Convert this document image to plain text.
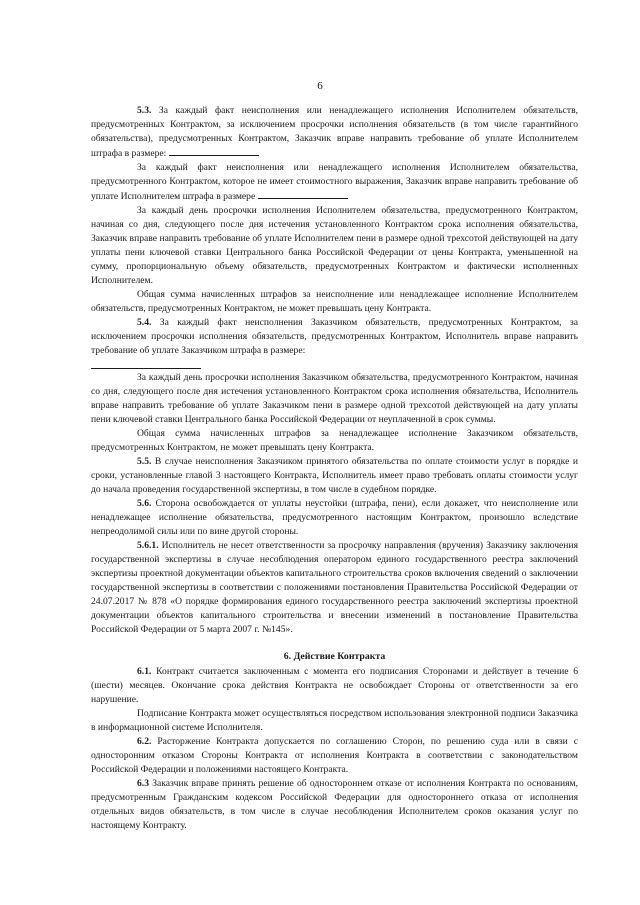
6

5.3. За каждый факт неисполнения или ненадлежащего исполнения Исполнителем обязательств, предусмотренных Контрактом, за исключением просрочки исполнения обязательств (в том числе гарантийного обязательства), предусмотренных Контрактом, Заказчик вправе направить требование об уплате Исполнителем штрафа в размере:

За каждый факт неисполнения или ненадлежащего исполнения Исполнителем обязательства, предусмотренного Контрактом, которое не имеет стоимостного выражения, Заказчик вправе направить требование об уплате Исполнителем штрафа в размере

За каждый день просрочки исполнения Исполнителем обязательства, предусмотренного Контрактом, начиная со дня, следующего после дня истечения установленного Контрактом срока исполнения обязательства, Заказчик вправе направить требование об уплате Исполнителем пени в размере одной трехсотой действующей на дату уплаты пени ключевой ставки Центрального банка Российской Федерации от цены Контракта, уменьшенной на сумму, пропорциональную объему обязательств, предусмотренных Контрактом и фактически исполненных Исполнителем.

Общая сумма начисленных штрафов за неисполнение или ненадлежащее исполнение Исполнителем обязательств, предусмотренных Контрактом, не может превышать цену Контракта.

5.4. За каждый факт неисполнения Заказчиком обязательств, предусмотренных Контрактом, за исключением просрочки исполнения обязательств, предусмотренных Контрактом, Исполнитель вправе направить требование об уплате Заказчиком штрафа в размере:

За каждый день просрочки исполнения Заказчиком обязательства, предусмотренного Контрактом, начиная со дня, следующего после дня истечения установленного Контрактом срока исполнения обязательства, Исполнитель вправе направить требование об уплате Заказчиком пени в размере одной трехсотой действующей на дату уплаты пени ключевой ставки Центрального банка Российской Федерации от неуплаченной в срок суммы.

Общая сумма начисленных штрафов за ненадлежащее исполнение Заказчиком обязательств, предусмотренных Контрактом, не может превышать цену Контракта.

5.5. В случае неисполнения Заказчиком принятого обязательства по оплате стоимости услуг в порядке и сроки, установленные главой 3 настоящего Контракта, Исполнитель имеет право требовать оплаты стоимости услуг до начала проведения государственной экспертизы, в том числе в судебном порядке.

5.6. Сторона освобождается от уплаты неустойки (штрафа, пени), если докажет, что неисполнение или ненадлежащее исполнение обязательства, предусмотренного настоящим Контрактом, произошло вследствие непреодолимой силы или по вине другой стороны.

5.6.1. Исполнитель не несет ответственности за просрочку направления (вручения) Заказчику заключения государственной экспертизы в случае несоблюдения оператором единого государственного реестра заключений экспертизы проектной документации объектов капитального строительства сроков включения сведений о заключении государственной экспертизы в соответствии с положениями постановления Правительства Российской Федерации от 24.07.2017 № 878 «О порядке формирования единого государственного реестра заключений экспертизы проектной документации объектов капитального строительства и внесении изменений в постановление Правительства Российской Федерации от 5 марта 2007 г. №145».

6. Действие Контракта

6.1. Контракт считается заключенным с момента его подписания Сторонами и действует в течение 6 (шести) месяцев. Окончание срока действия Контракта не освобождает Стороны от ответственности за его нарушение.

Подписание Контракта может осуществляться посредством использования электронной подписи Заказчика в информационной системе Исполнителя.

6.2. Расторжение Контракта допускается по соглашению Сторон, по решению суда или в связи с односторонним отказом Стороны Контракта от исполнения Контракта в соответствии с законодательством Российской Федерации и положениями настоящего Контракта.

6.3 Заказчик вправе принять решение об одностороннем отказе от исполнения Контракта по основаниям, предусмотренным Гражданским кодексом Российской Федерации для одностороннего отказа от исполнения отдельных видов обязательств, в том числе в случае несоблюдения Исполнителем сроков оказания услуг по настоящему Контракту.
